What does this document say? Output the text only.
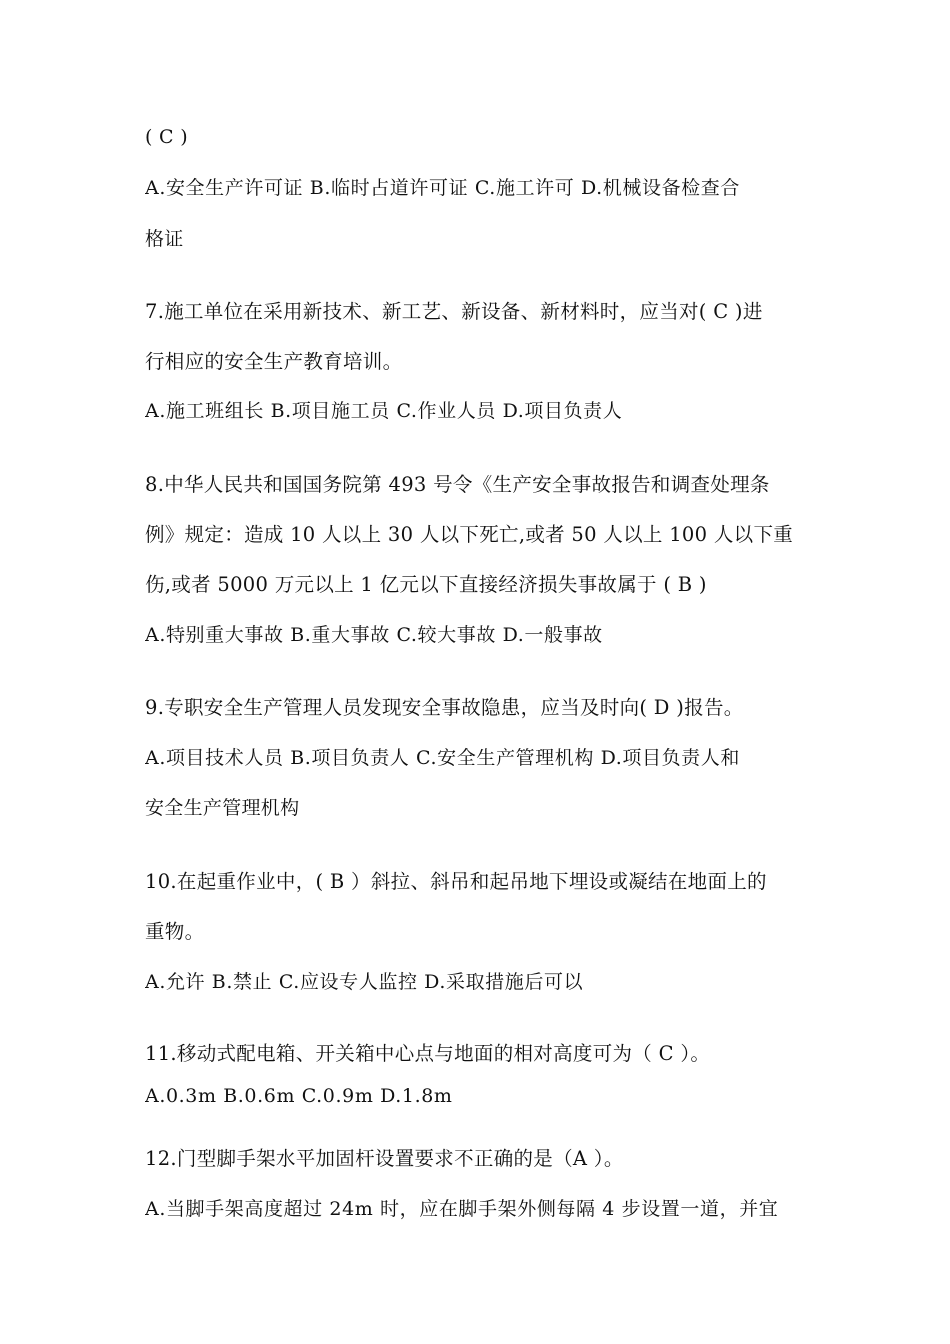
( C )
A.安全生产许可证 B.临时占道许可证 C.施工许可 D.机械设备检查合
格证
7.施工单位在采用新技术、新工艺、新设备、新材料时，应当对( C )进
行相应的安全生产教育培训。
A.施工班组长 B.项目施工员 C.作业人员 D.项目负责人
8.中华人民共和国国务院第 493 号令《生产安全事故报告和调查处理条
例》规定：造成 10 人以上 30 人以下死亡,或者 50 人以上 100 人以下重
伤,或者 5000 万元以上 1 亿元以下直接经济损失事故属于 ( B )
A.特别重大事故 B.重大事故 C.较大事故 D.一般事故
9.专职安全生产管理人员发现安全事故隐患，应当及时向( D )报告。
A.项目技术人员 B.项目负责人 C.安全生产管理机构 D.项目负责人和
安全生产管理机构
10.在起重作业中，( B ）斜拉、斜吊和起吊地下埋设或凝结在地面上的
重物。
A.允许 B.禁止 C.应设专人监控 D.采取措施后可以
11.移动式配电箱、开关箱中心点与地面的相对高度可为（ C ）。
A.0.3m B.0.6m C.0.9m D.1.8m
12.门型脚手架水平加固杆设置要求不正确的是（A ）。
A.当脚手架高度超过 24m 时，应在脚手架外侧每隔 4 步设置一道，并宜
